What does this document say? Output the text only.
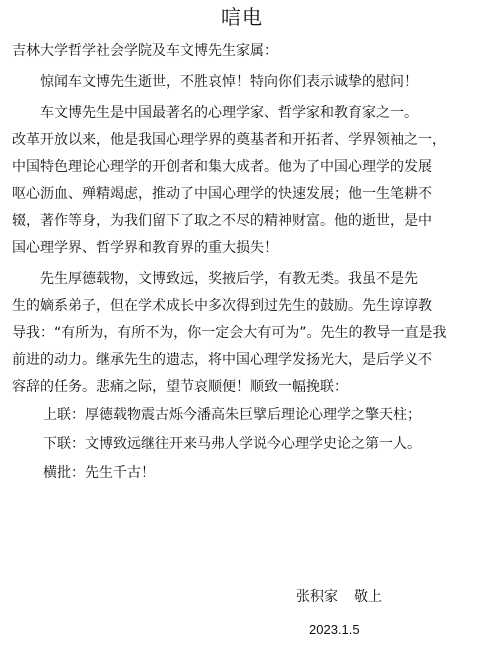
唁电

吉林大学哲学社会学院及车文博先生家属：

惊闻车文博先生逝世，不胜哀悼！特向你们表示诚挚的慰问！

车文博先生是中国最著名的心理学家、哲学家和教育家之一。
改革开放以来，他是我国心理学界的奠基者和开拓者、学界领袖之一，
中国特色理论心理学的开创者和集大成者。他为了中国心理学的发展
呕心沥血、殚精竭虑，推动了中国心理学的快速发展；他一生笔耕不
辍，著作等身，为我们留下了取之不尽的精神财富。他的逝世，是中
国心理学界、哲学界和教育界的重大损失！

先生厚德载物，文博致远，奖掖后学，有教无类。我虽不是先
生的嫡系弟子，但在学术成长中多次得到过先生的鼓励。先生谆谆教
导我：“有所为，有所不为，你一定会大有可为”。先生的教导一直是我
前进的动力。继承先生的遗志，将中国心理学发扬光大，是后学义不
容辞的任务。悲痛之际，望节哀顺便！顺致一幅挽联：

上联：厚德载物震古烁今潘高朱巨擘后理论心理学之擎天柱；

下联：文博致远继往开来马弗人学说今心理学史论之第一人。

横批：先生千古！

张积家 敬上
2023.1.5
